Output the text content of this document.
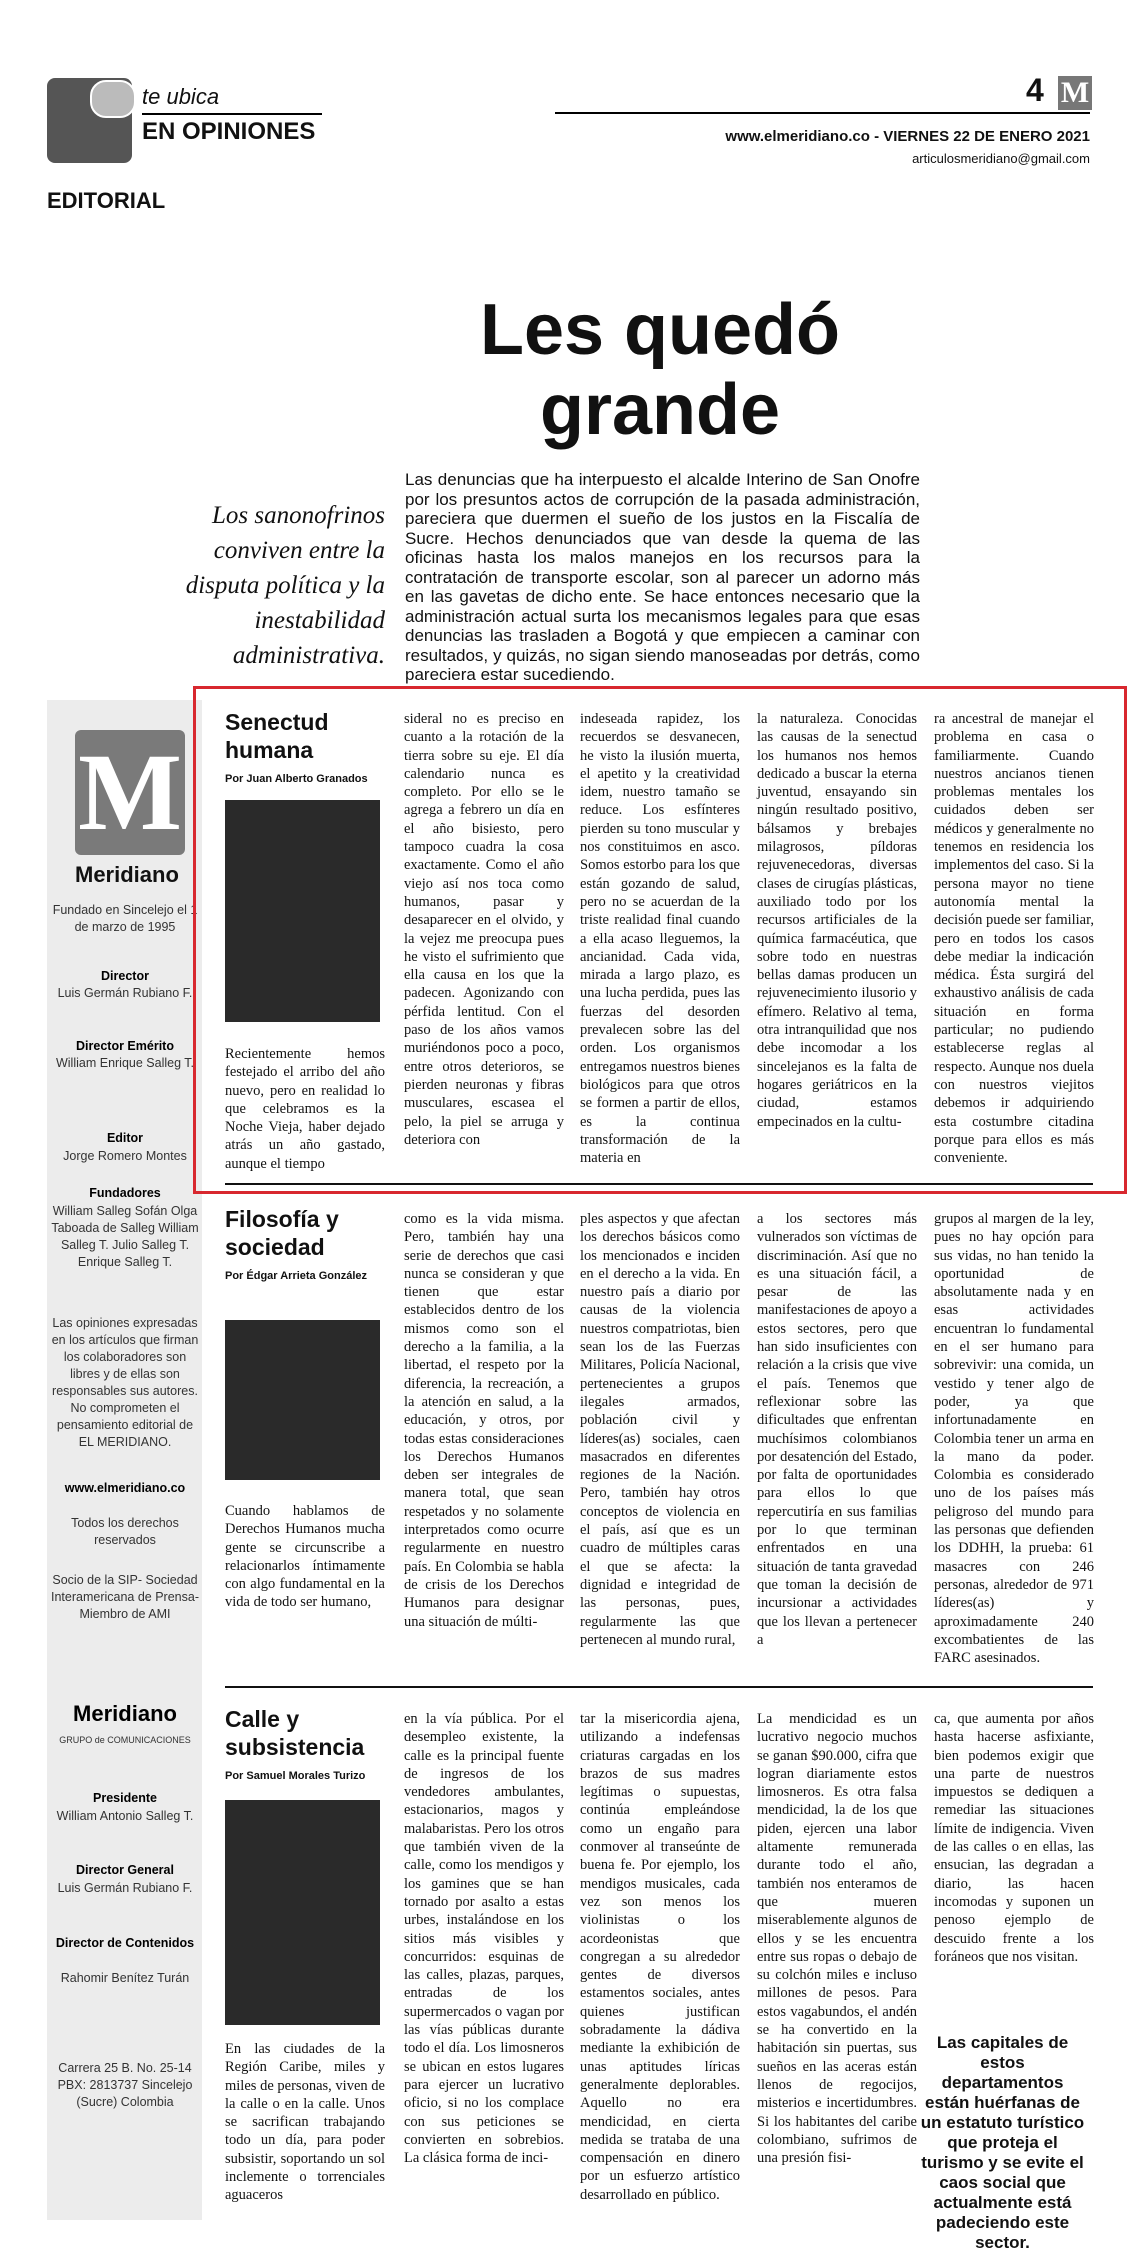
te ubica
EN OPINIONES
4 M
www.elmeridiano.co - VIERNES 22 DE ENERO 2021
articulosmeridiano@gmail.com
EDITORIAL
Les quedó grande
Los sanonofrinos conviven entre la disputa política y la inestabilidad administrativa.
Las denuncias que ha interpuesto el alcalde Interino de San Onofre por los presuntos actos de corrupción de la pasada administración, pareciera que duermen el sueño de los justos en la Fiscalía de Sucre. Hechos denunciados que van desde la quema de las oficinas hasta los malos manejos en los recursos para la contratación de transporte escolar, son al parecer un adorno más en las gavetas de dicho ente. Se hace entonces necesario que la administración actual surta los mecanismos legales para que esas denuncias las trasladen a Bogotá y que empiecen a caminar con resultados, y quizás, no sigan siendo manoseadas por detrás, como pareciera estar sucediendo.
M
Meridiano
Fundado en Sincelejo el 1 de marzo de 1995
Director
Luis Germán Rubiano F.
Director Emérito
William Enrique Salleg T.
Editor
Jorge Romero Montes
Fundadores
William Salleg Sofán Olga Taboada de Salleg William Salleg T. Julio Salleg T. Enrique Salleg T.
Las opiniones expresadas en los artículos que firman los colaboradores son libres y de ellas son responsables sus autores. No comprometen el pensamiento editorial de EL MERIDIANO.
www.elmeridiano.co
Todos los derechos reservados
Socio de la SIP- Sociedad Interamericana de Prensa- Miembro de AMI
Meridiano
GRUPO de COMUNICACIONES
Presidente
William Antonio Salleg T.
Director General
Luis Germán Rubiano F.
Director de Contenidos
Rahomir Benítez Turán
Carrera 25 B. No. 25-14 PBX: 2813737 Sincelejo (Sucre) Colombia
Senectud humana
Por Juan Alberto Granados
Recientemente hemos festejado el arribo del año nuevo, pero en realidad lo que celebramos es la Noche Vieja, haber dejado atrás un año gastado, aunque el tiempo
sideral no es preciso en cuanto a la rotación de la tierra sobre su eje. El día calendario nunca es completo. Por ello se le agrega a febrero un día en el año bisiesto, pero tampoco cuadra la cosa exactamente. Como el año viejo así nos toca como humanos, pasar y desaparecer en el olvido, y la vejez me preocupa pues he visto el sufrimiento que ella causa en los que la padecen. Agonizando con pérfida lentitud. Con el paso de los años vamos muriéndonos poco a poco, entre otros deterioros, se pierden neuronas y fibras musculares, escasea el pelo, la piel se arruga y deteriora con
indeseada rapidez, los recuerdos se desvanecen, he visto la ilusión muerta, el apetito y la creatividad idem, nuestro tamaño se reduce. Los esfínteres pierden su tono muscular y nos constituimos en asco. Somos estorbo para los que están gozando de salud, pero no se acuerdan de la triste realidad final cuando a ella acaso lleguemos, la ancianidad. Cada vida, mirada a largo plazo, es una lucha perdida, pues las fuerzas del desorden prevalecen sobre las del orden. Los organismos entregamos nuestros bienes biológicos para que otros se formen a partir de ellos, es la continua transformación de la materia en
la naturaleza. Conocidas las causas de la senectud los humanos nos hemos dedicado a buscar la eterna juventud, ensayando sin ningún resultado positivo, bálsamos y brebajes milagrosos, píldoras rejuvenecedoras, diversas clases de cirugías plásticas, auxiliado todo por los recursos artificiales de la química farmacéutica, que sobre todo en nuestras bellas damas producen un rejuvenecimiento ilusorio y efímero. Relativo al tema, otra intranquilidad que nos debe incomodar a los sincelejanos es la falta de hogares geriátricos en la ciudad, estamos empecinados en la cultu-
ra ancestral de manejar el problema en casa o familiarmente. Cuando nuestros ancianos tienen problemas mentales los cuidados deben ser médicos y generalmente no tenemos en residencia los implementos del caso. Si la persona mayor no tiene autonomía mental la decisión puede ser familiar, pero en todos los casos debe mediar la indicación médica. Ésta surgirá del exhaustivo análisis de cada situación en forma particular; no pudiendo establecerse reglas al respecto. Aunque nos duela con nuestros viejitos debemos ir adquiriendo esta costumbre citadina porque para ellos es más conveniente.
Filosofía y sociedad
Por Édgar Arrieta González
Cuando hablamos de Derechos Humanos mucha gente se circunscribe a relacionarlos íntimamente con algo fundamental en la vida de todo ser humano,
como es la vida misma. Pero, también hay una serie de derechos que casi nunca se consideran y que tienen que estar establecidos dentro de los mismos como son el derecho a la familia, a la libertad, el respeto por la diferencia, la recreación, a la atención en salud, a la educación, y otros, por todas estas consideraciones los Derechos Humanos deben ser integrales de manera total, que sean respetados y no solamente interpretados como ocurre regularmente en nuestro país. En Colombia se habla de crisis de los Derechos Humanos para designar una situación de múlti-
ples aspectos y que afectan los derechos básicos como los mencionados e inciden en el derecho a la vida. En nuestro país a diario por causas de la violencia nuestros compatriotas, bien sean los de las Fuerzas Militares, Policía Nacional, pertenecientes a grupos ilegales armados, población civil y líderes(as) sociales, caen masacrados en diferentes regiones de la Nación. Pero, también hay otros conceptos de violencia en el país, así que es un cuadro de múltiples caras el que se afecta: la dignidad e integridad de las personas, pues, regularmente las que pertenecen al mundo rural,
a los sectores más vulnerados son víctimas de discriminación. Así que no es una situación fácil, a pesar de las manifestaciones de apoyo a estos sectores, pero que han sido insuficientes con relación a la crisis que vive el país. Tenemos que reflexionar sobre las dificultades que enfrentan muchísimos colombianos por desatención del Estado, por falta de oportunidades para ellos lo que repercutiría en sus familias por lo que terminan enfrentados en una situación de tanta gravedad que toman la decisión de incursionar a actividades que los llevan a pertenecer a
grupos al margen de la ley, pues no hay opción para sus vidas, no han tenido la oportunidad de absolutamente nada y en esas actividades encuentran lo fundamental en el ser humano para sobrevivir: una comida, un vestido y tener algo de poder, ya que infortunadamente en Colombia tener un arma en la mano da poder. Colombia es considerado uno de los países más peligroso del mundo para las personas que defienden los DDHH, la prueba: 61 masacres con 246 personas, alrededor de 971 líderes(as) y aproximadamente 240 excombatientes de las FARC asesinados.
Calle y subsistencia
Por Samuel Morales Turizo
En las ciudades de la Región Caribe, miles y miles de personas, viven de la calle o en la calle. Unos se sacrifican trabajando todo un día, para poder subsistir, soportando un sol inclemente o torrenciales aguaceros
en la vía pública. Por el desempleo existente, la calle es la principal fuente de ingresos de los vendedores ambulantes, estacionarios, magos y malabaristas. Pero los otros que también viven de la calle, como los mendigos y los gamines que se han tornado por asalto a estas urbes, instalándose en los sitios más visibles y concurridos: esquinas de las calles, plazas, parques, entradas de los supermercados o vagan por las vías públicas durante todo el día. Los limosneros se ubican en estos lugares para ejercer un lucrativo oficio, si no los complace con sus peticiones se convierten en sobrebios. La clásica forma de inci-
tar la misericordia ajena, utilizando a indefensas criaturas cargadas en los brazos de sus madres legítimas o supuestas, continúa empleándose como un engaño para conmover al transeúnte de buena fe. Por ejemplo, los mendigos musicales, cada vez son menos los violinistas o los acordeonistas que congregan a su alrededor gentes de diversos estamentos sociales, antes quienes justifican sobradamente la dádiva mediante la exhibición de unas aptitudes líricas generalmente deplorables. Aquello no era mendicidad, en cierta medida se trataba de una compensación en dinero por un esfuerzo artístico desarrollado en público.
La mendicidad es un lucrativo negocio muchos se ganan $90.000, cifra que logran diariamente estos limosneros. Es otra falsa mendicidad, la de los que piden, ejercen una labor altamente remunerada durante todo el año, también nos enteramos de que mueren miserablemente algunos de ellos y se les encuentra entre sus ropas o debajo de su colchón miles e incluso millones de pesos. Para estos vagabundos, el andén se ha convertido en la habitación sin puertas, sus sueños en las aceras están llenos de regocijos, misterios e incertidumbres. Si los habitantes del caribe colombiano, sufrimos de una presión fisi-
ca, que aumenta por años hasta hacerse asfixiante, bien podemos exigir que una parte de nuestros impuestos se dediquen a remediar las situaciones límite de indigencia. Viven de las calles o en ellas, las ensucian, las degradan a diario, las hacen incomodas y suponen un penoso ejemplo de descuido frente a los foráneos que nos visitan.
Las capitales de estos departamentos están huérfanas de un estatuto turístico que proteja el turismo y se evite el caos social que actualmente está padeciendo este sector.
